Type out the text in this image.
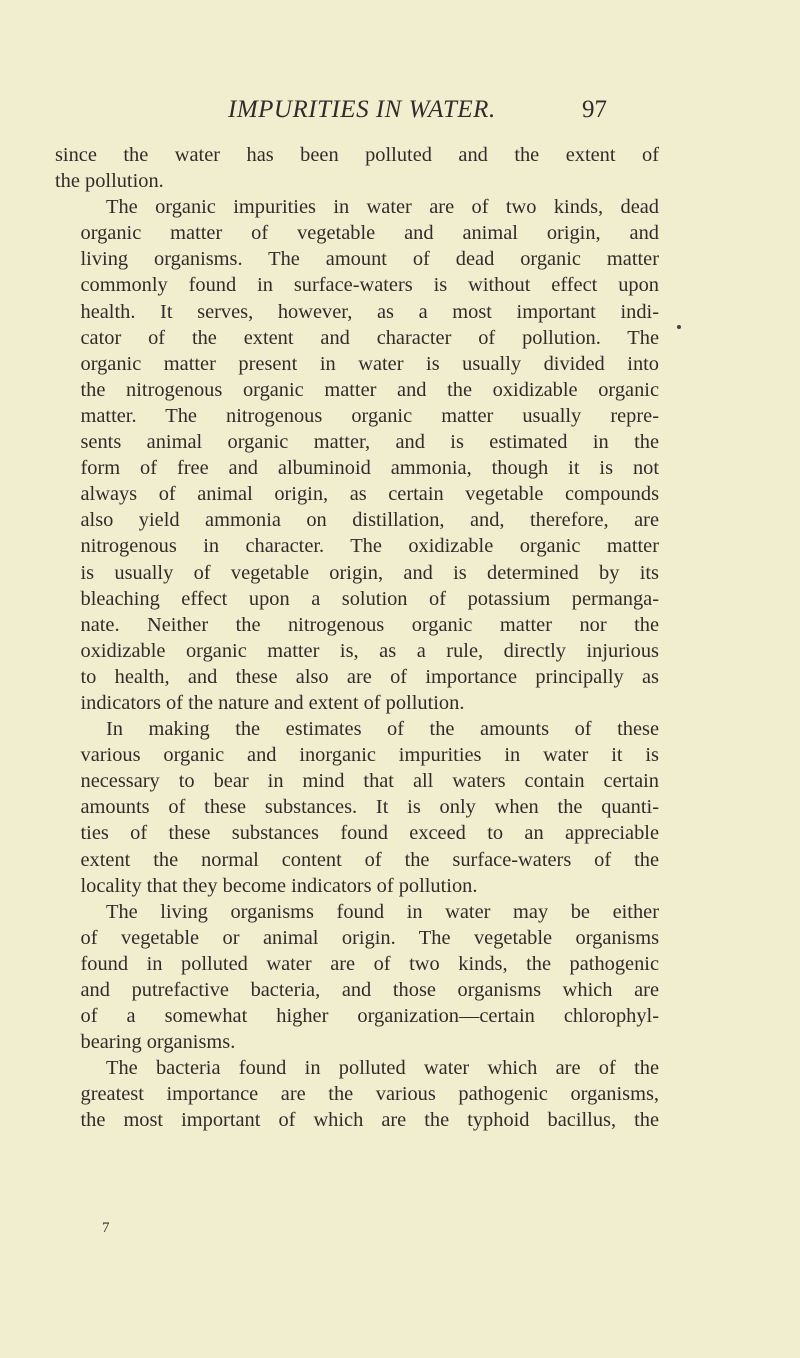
IMPURITIES IN WATER.	97
since the water has been polluted and the extent of
the pollution.
The organic impurities in water are of two kinds, dead
organic matter of vegetable and animal origin, and
living organisms. The amount of dead organic matter
commonly found in surface-waters is without effect upon
health. It serves, however, as a most important indi-
cator of the extent and character of pollution. The
organic matter present in water is usually divided into
the nitrogenous organic matter and the oxidizable organic
matter. The nitrogenous organic matter usually repre-
sents animal organic matter, and is estimated in the
form of free and albuminoid ammonia, though it is not
always of animal origin, as certain vegetable compounds
also yield ammonia on distillation, and, therefore, are
nitrogenous in character. The oxidizable organic matter
is usually of vegetable origin, and is determined by its
bleaching effect upon a solution of potassium permanga-
nate. Neither the nitrogenous organic matter nor the
oxidizable organic matter is, as a rule, directly injurious
to health, and these also are of importance principally as
indicators of the nature and extent of pollution.
In making the estimates of the amounts of these
various organic and inorganic impurities in water it is
necessary to bear in mind that all waters contain certain
amounts of these substances. It is only when the quanti-
ties of these substances found exceed to an appreciable
extent the normal content of the surface-waters of the
locality that they become indicators of pollution.
The living organisms found in water may be either
of vegetable or animal origin. The vegetable organisms
found in polluted water are of two kinds, the pathogenic
and putrefactive bacteria, and those organisms which are
of a somewhat higher organization—certain chlorophyl-
bearing organisms.
The bacteria found in polluted water which are of the
greatest importance are the various pathogenic organisms,
the most important of which are the typhoid bacillus, the
7
